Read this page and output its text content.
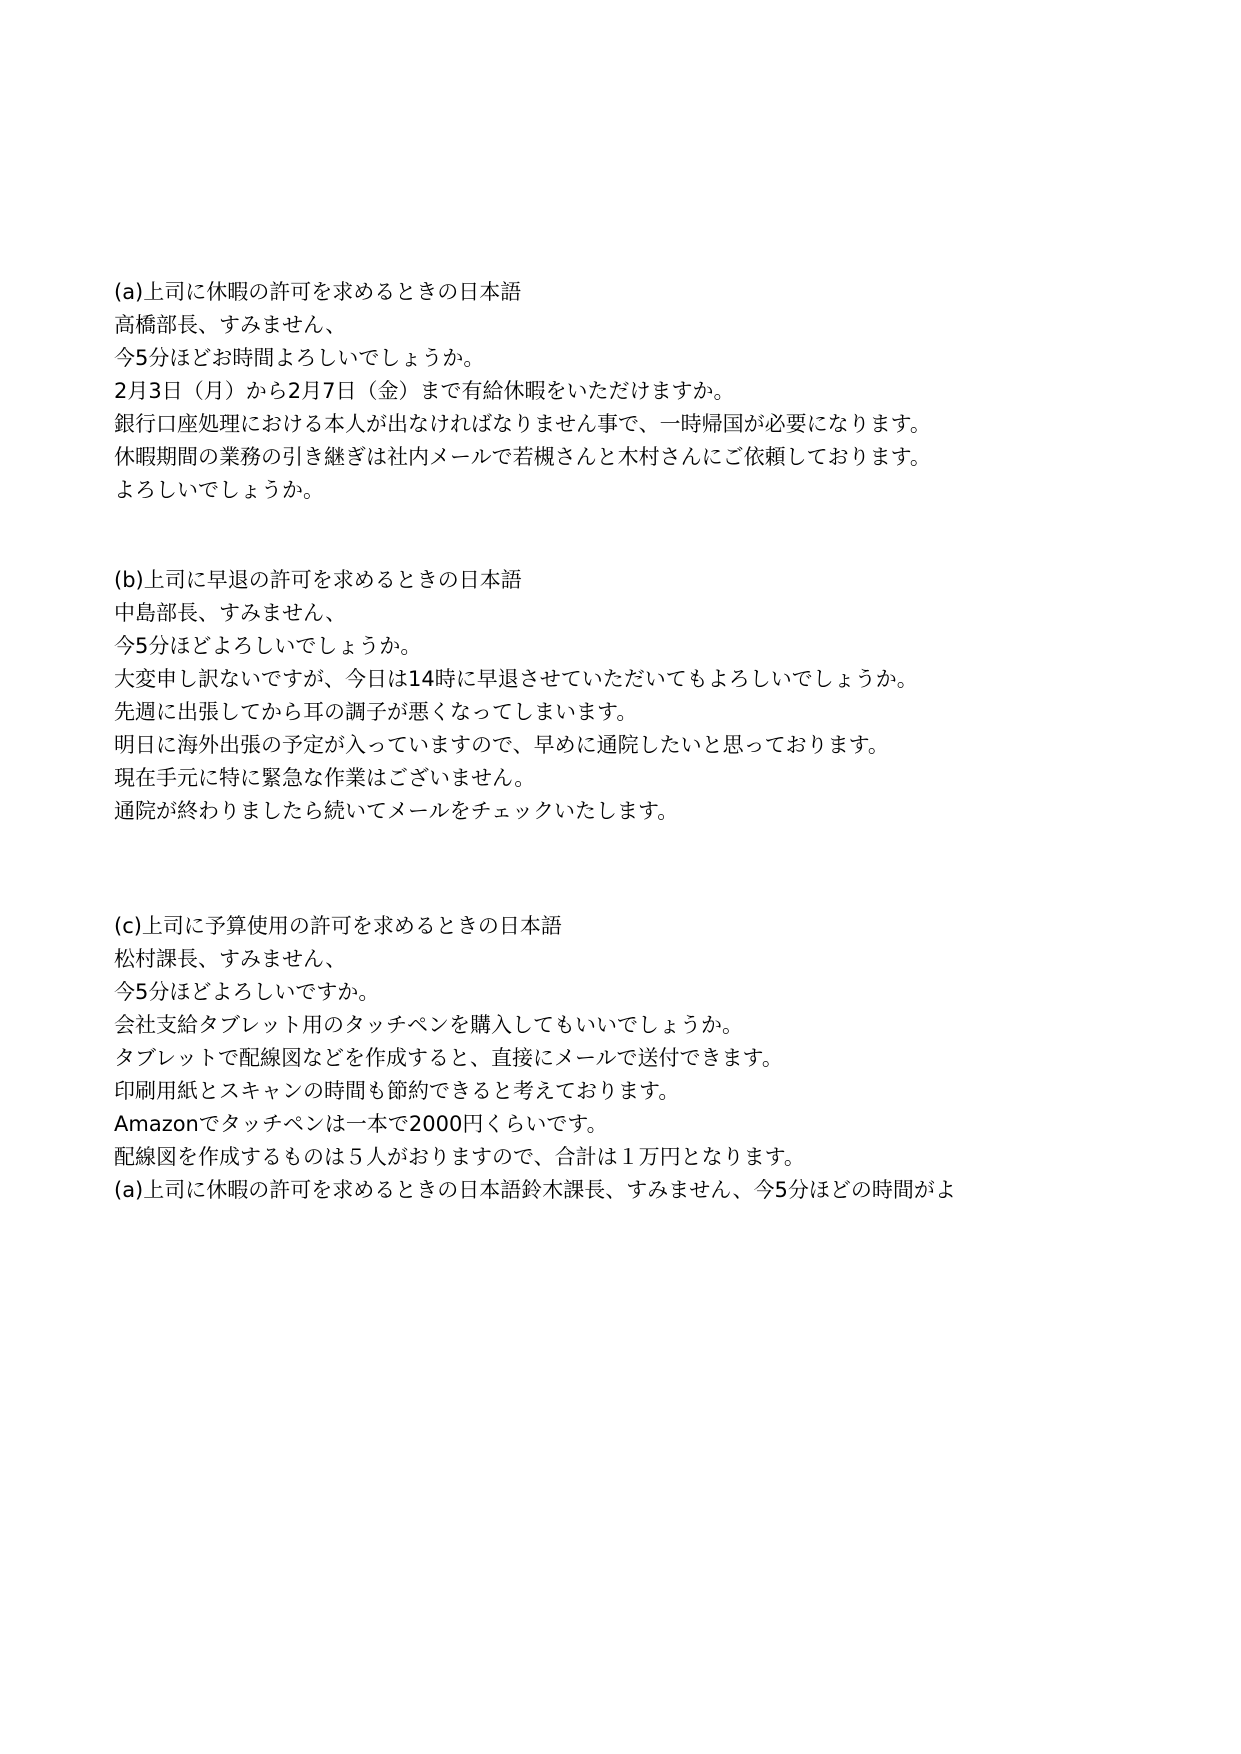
(a)上司に休暇の許可を求めるときの日本語
高橋部長、すみません、
今5分ほどお時間よろしいでしょうか。
2月3日（月）から2月7日（金）まで有給休暇をいただけますか。
銀行口座処理における本人が出なければなりません事で、一時帰国が必要になります。
休暇期間の業務の引き継ぎは社内メールで若槻さんと木村さんにご依頼しております。
よろしいでしょうか。
(b)上司に早退の許可を求めるときの日本語
中島部長、すみません、
今5分ほどよろしいでしょうか。
大変申し訳ないですが、今日は14時に早退させていただいてもよろしいでしょうか。
先週に出張してから耳の調子が悪くなってしまいます。
明日に海外出張の予定が入っていますので、早めに通院したいと思っております。
現在手元に特に緊急な作業はございません。
通院が終わりましたら続いてメールをチェックいたします。
(c)上司に予算使用の許可を求めるときの日本語
松村課長、すみません、
今5分ほどよろしいですか。
会社支給タブレット用のタッチペンを購入してもいいでしょうか。
タブレットで配線図などを作成すると、直接にメールで送付できます。
印刷用紙とスキャンの時間も節約できると考えております。
Amazonでタッチペンは一本で2000円くらいです。
配線図を作成するものは５人がおりますので、合計は１万円となります。
(a)上司に休暇の許可を求めるときの日本語鈴木課長、すみません、今5分ほどの時間がよ
